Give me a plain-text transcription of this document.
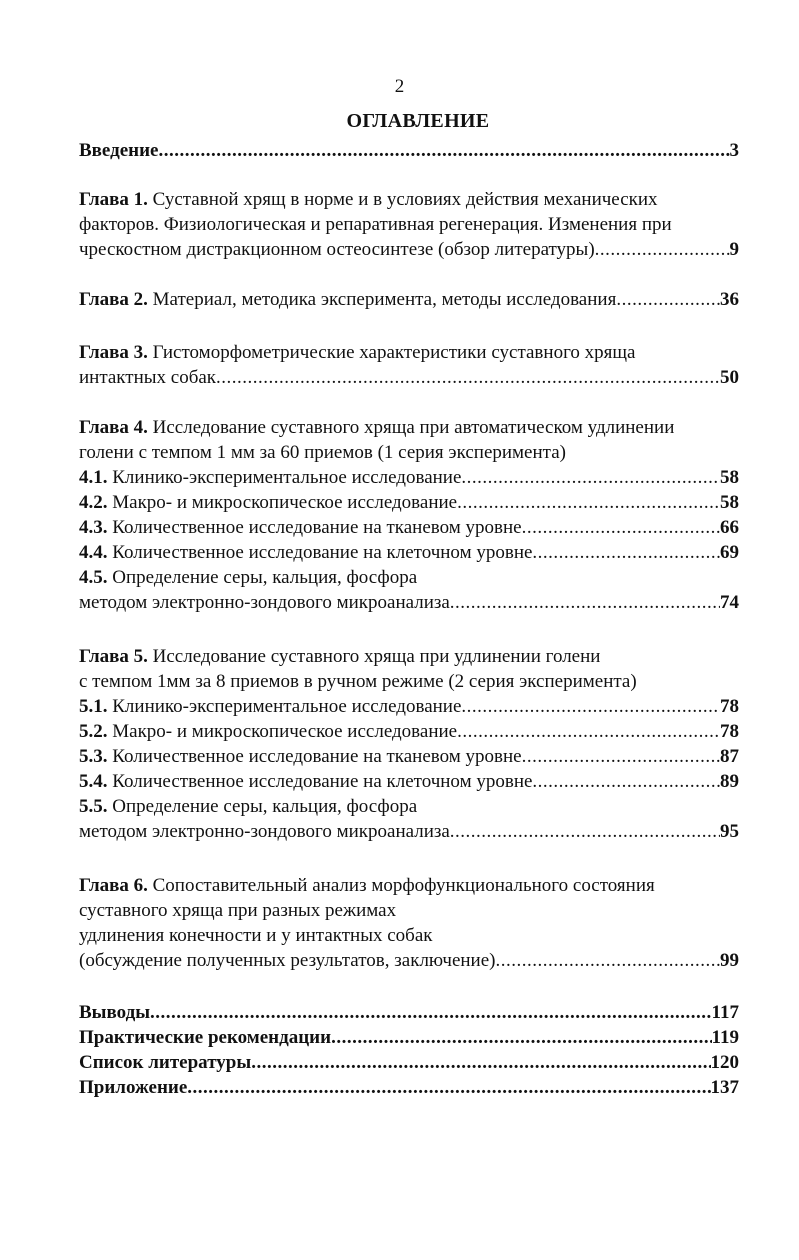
2
ОГЛАВЛЕНИЕ
Введение .....	3
Глава 1. Суставной хрящ в норме и в условиях действия механических
факторов. Физиологическая и репаративная регенерация. Изменения при
чрескостном дистракционном остеосинтезе (обзор литературы) .....	9
Глава 2. Материал, методика эксперимента, методы исследования .....	36
Глава 3. Гистоморфометрические характеристики суставного хряща
интактных собак .....	50
Глава 4. Исследование суставного хряща при автоматическом удлинении
голени с темпом 1 мм за 60 приемов (1 серия эксперимента)
4.1. Клинико-экспериментальное исследование .....	58
4.2. Макро- и микроскопическое исследование .....	58
4.3. Количественное исследование на тканевом уровне .....	66
4.4. Количественное исследование на клеточном уровне .....	69
4.5. Определение серы, кальция, фосфора
методом электронно-зондового микроанализа .....	74
Глава 5. Исследование суставного хряща при удлинении голени
с темпом 1мм за 8 приемов в ручном режиме (2 серия эксперимента)
5.1. Клинико-экспериментальное исследование .....	78
5.2. Макро- и микроскопическое исследование .....	78
5.3. Количественное исследование на тканевом уровне .....	87
5.4. Количественное исследование на клеточном уровне .....	89
5.5. Определение серы, кальция, фосфора
методом электронно-зондового микроанализа .....	95
Глава 6. Сопоставительный анализ морфофункционального состояния
суставного хряща при разных режимах
удлинения конечности и у интактных собак
(обсуждение полученных результатов, заключение) .....	99
Выводы .....	117
Практические рекомендации .....	119
Список литературы .....	120
Приложение .....	137
